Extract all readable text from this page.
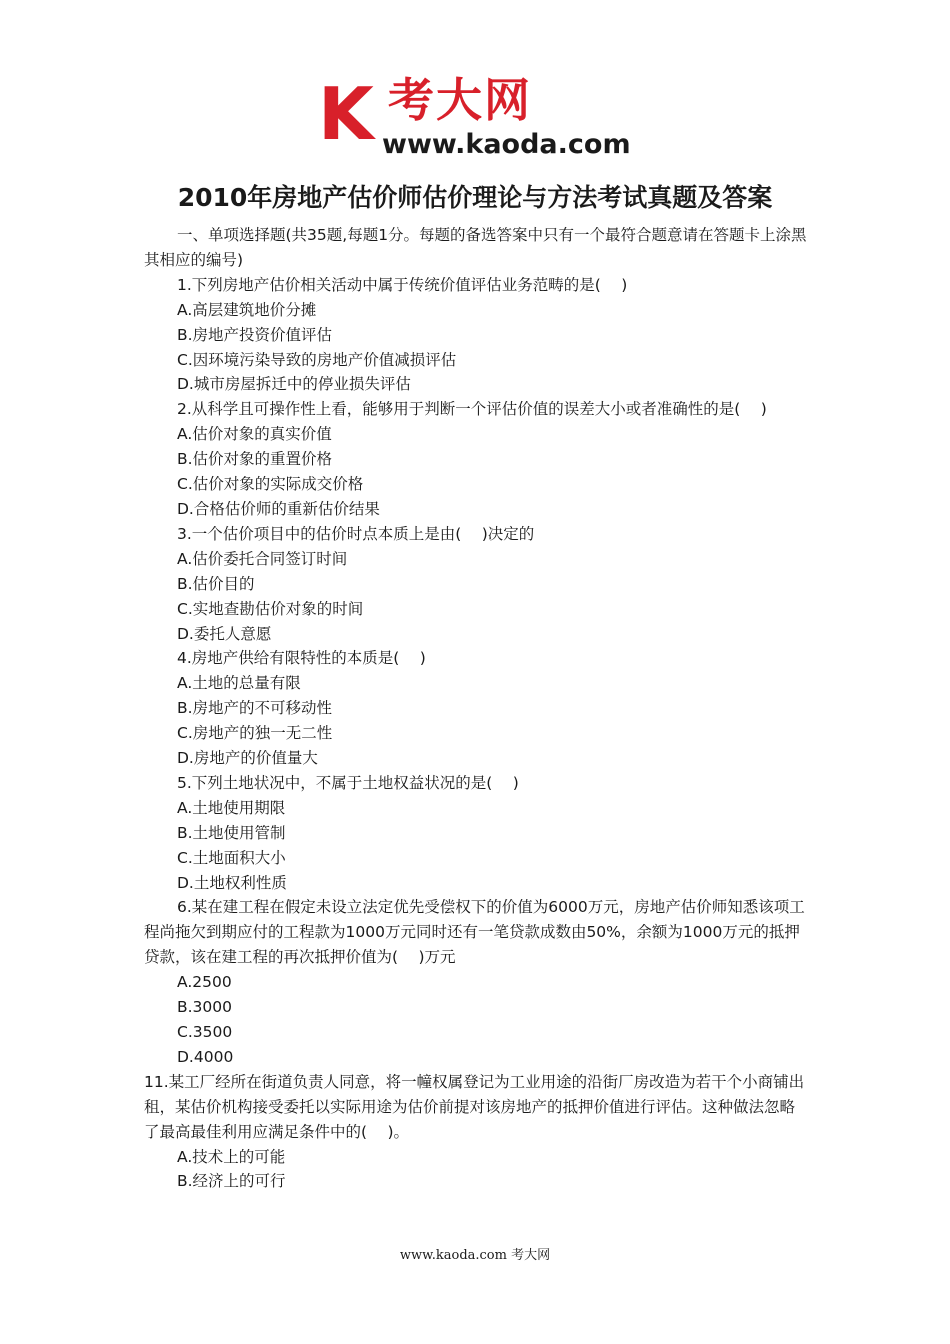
K 考大网
www.kaoda.com
2010年房地产估价师估价理论与方法考试真题及答案

一、单项选择题(共35题,每题1分。每题的备选答案中只有一个最符合题意请在答题卡上涂黑其相应的编号)

1.下列房地产估价相关活动中属于传统价值评估业务范畴的是(　 )

A.高层建筑地价分摊

B.房地产投资价值评估

C.因环境污染导致的房地产价值减损评估

D.城市房屋拆迁中的停业损失评估

2.从科学且可操作性上看，能够用于判断一个评估价值的误差大小或者准确性的是(　 )

A.估价对象的真实价值

B.估价对象的重置价格

C.估价对象的实际成交价格

D.合格估价师的重新估价结果

3.一个估价项目中的估价时点本质上是由(　 )决定的

A.估价委托合同签订时间

B.估价目的

C.实地查勘估价对象的时间

D.委托人意愿

4.房地产供给有限特性的本质是(　 )

A.土地的总量有限

B.房地产的不可移动性

C.房地产的独一无二性

D.房地产的价值量大

5.下列土地状况中，不属于土地权益状况的是(　 )

A.土地使用期限

B.土地使用管制

C.土地面积大小

D.土地权利性质

6.某在建工程在假定未设立法定优先受偿权下的价值为6000万元，房地产估价师知悉该项工程尚拖欠到期应付的工程款为1000万元同时还有一笔贷款成数由50%，余额为1000万元的抵押贷款，该在建工程的再次抵押价值为(　 )万元

A.2500

B.3000

C.3500

D.4000

11.某工厂经所在街道负责人同意，将一幢权属登记为工业用途的沿街厂房改造为若干个小商铺出租，某估价机构接受委托以实际用途为估价前提对该房地产的抵押价值进行评估。这种做法忽略了最高最佳利用应满足条件中的(　 )。

A.技术上的可能

B.经济上的可行

www.kaoda.com 考大网
